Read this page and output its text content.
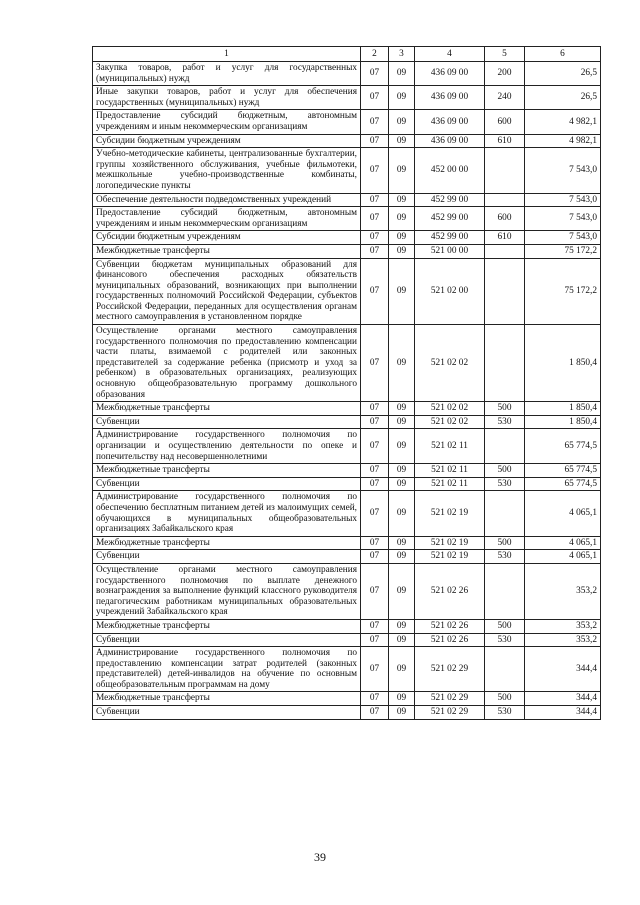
1	2	3	4	5	6
Закупка товаров, работ и услуг для государственных (муниципальных) нужд	07	09	436 09 00	200	26,5
Иные закупки товаров, работ и услуг для обеспечения государственных (муниципальных) нужд	07	09	436 09 00	240	26,5
Предоставление субсидий бюджетным, автономным учреждениям и иным некоммерческим организациям	07	09	436 09 00	600	4 982,1
Субсидии бюджетным учреждениям	07	09	436 09 00	610	4 982,1
Учебно-методические кабинеты, централизованные бухгалтерии, группы хозяйственного обслуживания, учебные фильмотеки, межшкольные учебно-производственные комбинаты, логопедические пункты	07	09	452 00 00		7 543,0
Обеспечение деятельности подведомственных учреждений	07	09	452 99 00		7 543,0
Предоставление субсидий бюджетным, автономным учреждениям и иным некоммерческим организациям	07	09	452 99 00	600	7 543,0
Субсидии бюджетным учреждениям	07	09	452 99 00	610	7 543,0
Межбюджетные трансферты	07	09	521 00 00		75 172,2
Субвенции бюджетам муниципальных образований для финансового обеспечения расходных обязательств муниципальных образований, возникающих при выполнении государственных полномочий Российской Федерации, субъектов Российской Федерации, переданных для осуществления органам местного самоуправления в установленном порядке	07	09	521 02 00		75 172,2
Осуществление органами местного самоуправления государственного полномочия по предоставлению компенсации части платы, взимаемой с родителей или законных представителей за содержание ребенка (присмотр и уход за ребенком) в образовательных организациях, реализующих основную общеобразовательную программу дошкольного образования	07	09	521 02 02		1 850,4
Межбюджетные трансферты	07	09	521 02 02	500	1 850,4
Субвенции	07	09	521 02 02	530	1 850,4
Администрирование государственного полномочия по организации и осуществлению деятельности по опеке и попечительству над несовершеннолетними	07	09	521 02 11		65 774,5
Межбюджетные трансферты	07	09	521 02 11	500	65 774,5
Субвенции	07	09	521 02 11	530	65 774,5
Администрирование государственного полномочия по обеспечению бесплатным питанием детей из малоимущих семей, обучающихся в муниципальных общеобразовательных организациях Забайкальского края	07	09	521 02 19		4 065,1
Межбюджетные трансферты	07	09	521 02 19	500	4 065,1
Субвенции	07	09	521 02 19	530	4 065,1
Осуществление органами местного самоуправления государственного полномочия по выплате денежного вознаграждения за выполнение функций классного руководителя педагогическим работникам муниципальных образовательных учреждений Забайкальского края	07	09	521 02 26		353,2
Межбюджетные трансферты	07	09	521 02 26	500	353,2
Субвенции	07	09	521 02 26	530	353,2
Администрирование государственного полномочия по предоставлению компенсации затрат родителей (законных представителей) детей-инвалидов на обучение по основным общеобразовательным программам на дому	07	09	521 02 29		344,4
Межбюджетные трансферты	07	09	521 02 29	500	344,4
Субвенции	07	09	521 02 29	530	344,4
39
